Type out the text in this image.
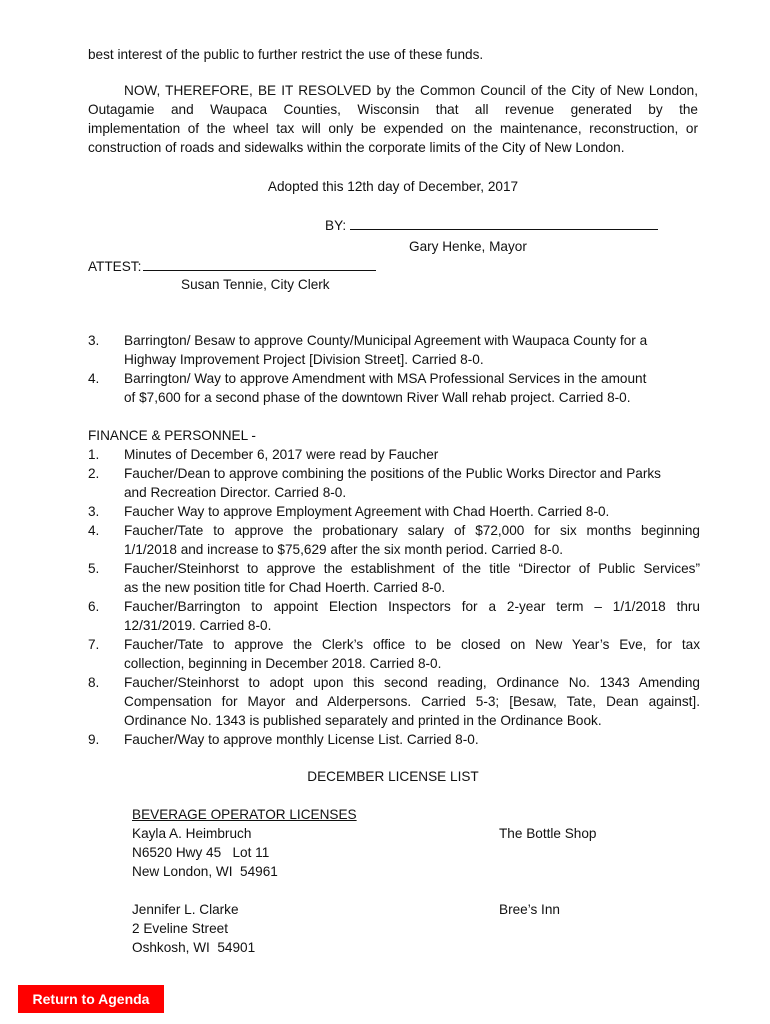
best interest of the public to further restrict the use of these funds.

NOW, THEREFORE, BE IT RESOLVED by the Common Council of the City of New London,
Outagamie and Waupaca Counties, Wisconsin that all revenue generated by the
implementation of the wheel tax will only be expended on the maintenance, reconstruction, or
construction of roads and sidewalks within the corporate limits of the City of New London.

Adopted this 12th day of December, 2017

BY:

Gary Henke, Mayor

ATTEST:

Susan Tennie, City Clerk

3. Barrington/ Besaw to approve County/Municipal Agreement with Waupaca County for a
Highway Improvement Project [Division Street]. Carried 8-0.
4. Barrington/ Way to approve Amendment with MSA Professional Services in the amount
of $7,600 for a second phase of the downtown River Wall rehab project. Carried 8-0.

FINANCE & PERSONNEL -

1. Minutes of December 6, 2017 were read by Faucher
2. Faucher/Dean to approve combining the positions of the Public Works Director and Parks
and Recreation Director. Carried 8-0.
3. Faucher Way to approve Employment Agreement with Chad Hoerth. Carried 8-0.
4. Faucher/Tate to approve the probationary salary of $72,000 for six months beginning
1/1/2018 and increase to $75,629 after the six month period. Carried 8-0.
5. Faucher/Steinhorst to approve the establishment of the title “Director of Public Services”
as the new position title for Chad Hoerth. Carried 8-0.
6. Faucher/Barrington to appoint Election Inspectors for a 2-year term – 1/1/2018 thru
12/31/2019. Carried 8-0.
7. Faucher/Tate to approve the Clerk’s office to be closed on New Year’s Eve, for tax
collection, beginning in December 2018. Carried 8-0.
8. Faucher/Steinhorst to adopt upon this second reading, Ordinance No. 1343 Amending
Compensation for Mayor and Alderpersons. Carried 5-3; [Besaw, Tate, Dean against].
Ordinance No. 1343 is published separately and printed in the Ordinance Book.
9. Faucher/Way to approve monthly License List. Carried 8-0.

DECEMBER LICENSE LIST

BEVERAGE OPERATOR LICENSES

Kayla A. Heimbruch
N6520 Hwy 45   Lot 11
New London, WI  54961

The Bottle Shop

Jennifer L. Clarke
2 Eveline Street
Oshkosh, WI  54901

Bree’s Inn

Return to Agenda
